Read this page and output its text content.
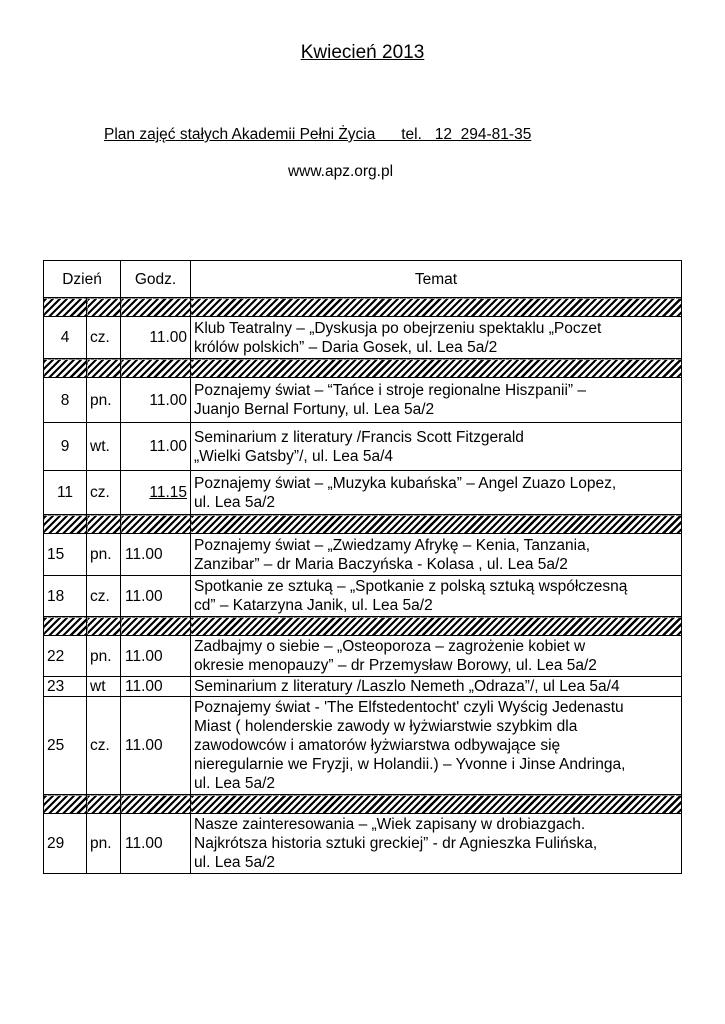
Kwiecień 2013
Plan zajęć stałych Akademii Pełni Życia      tel.   12  294-81-35
www.apz.org.pl
Dzień		Godz.	Temat

4	cz.	11.00	Klub Teatralny – „Dyskusja po obejrzeniu spektaklu „Poczet
królów polskich” – Daria Gosek, ul. Lea 5a/2

8	pn.	11.00	Poznajemy świat – “Tańce i stroje regionalne Hiszpanii” –
Juanjo Bernal Fortuny, ul. Lea 5a/2
9	wt.	11.00	Seminarium z literatury /Francis Scott Fitzgerald
„Wielki Gatsby”/, ul. Lea 5a/4
11	cz.	11.15	Poznajemy świat – „Muzyka kubańska” – Angel Zuazo Lopez,
ul. Lea 5a/2

15	pn.	11.00	Poznajemy świat – „Zwiedzamy Afrykę – Kenia, Tanzania,
Zanzibar” – dr Maria Baczyńska - Kolasa , ul. Lea 5a/2
18	cz.	11.00	Spotkanie ze sztuką – „Spotkanie z polską sztuką współczesną
cd” – Katarzyna Janik, ul. Lea 5a/2

22	pn.	11.00	Zadbajmy o siebie – „Osteoporoza – zagrożenie kobiet w
okresie menopauzy” – dr Przemysław Borowy, ul. Lea 5a/2
23	wt	11.00	Seminarium z literatury /Laszlo Nemeth „Odraza”/, ul Lea 5a/4
25	cz.	11.00	Poznajemy świat - 'The Elfstedentocht' czyli Wyścig Jedenastu
Miast ( holenderskie zawody w łyżwiarstwie szybkim dla
zawodowców i amatorów łyżwiarstwa odbywające się
nieregularnie we Fryzji, w Holandii.) – Yvonne i Jinse Andringa,
ul. Lea 5a/2

29	pn.	11.00	Nasze zainteresowania – „Wiek zapisany w drobiazgach.
Najkrótsza historia sztuki greckiej” - dr Agnieszka Fulińska,
ul. Lea 5a/2
